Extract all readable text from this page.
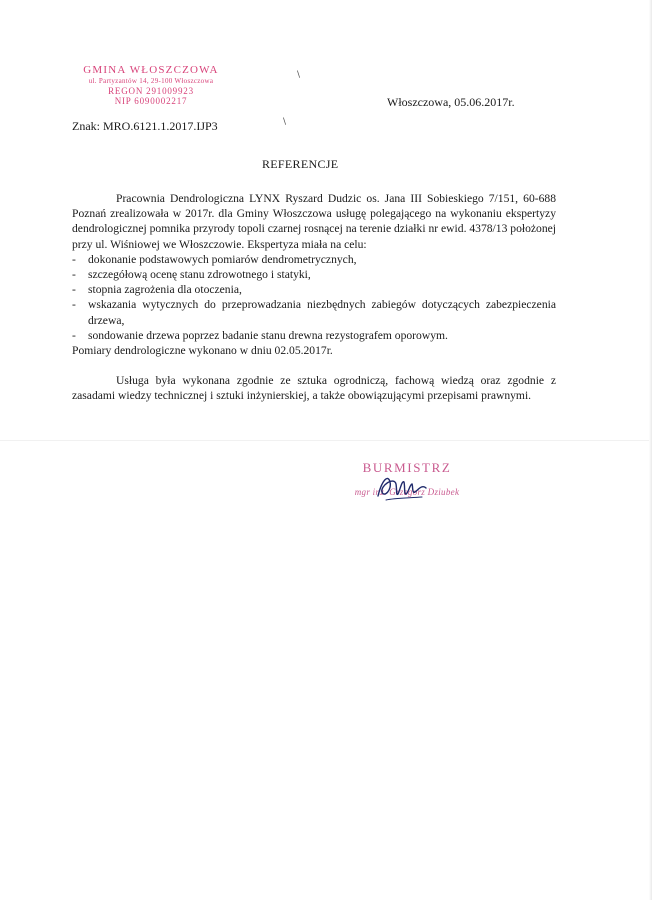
GMINA WŁOSZCZOWA
ul. Partyzantów 14, 29-100 Włoszczowa
REGON 291009923
NIP 6090002217	Włoszczowa, 05.06.2017r.
Znak: MRO.6121.1.2017.IJP3
REFERENCJE

Pracownia Dendrologiczna LYNX Ryszard Dudzic os. Jana III Sobieskiego 7/151, 60-688 Poznań zrealizowała w 2017r. dla Gminy Włoszczowa usługę polegającego na wykonaniu ekspertyzy dendrologicznej pomnika przyrody topoli czarnej rosnącej na terenie działki nr ewid. 4378/13 położonej przy ul. Wiśniowej we Włoszczowie. Ekspertyza miała na celu:

- dokonanie podstawowych pomiarów dendrometrycznych,
- szczegółową ocenę stanu zdrowotnego i statyki,
- stopnia zagrożenia dla otoczenia,
- wskazania wytycznych do przeprowadzania niezbędnych zabiegów dotyczących zabezpieczenia drzewa,
- sondowanie drzewa poprzez badanie stanu drewna rezystografem oporowym.

Pomiary dendrologiczne wykonano w dniu 02.05.2017r.

Usługa była wykonana zgodnie ze sztuka ogrodniczą, fachową wiedzą oraz zgodnie z zasadami wiedzy technicznej i sztuki inżynierskiej, a także obowiązującymi przepisami prawnymi.

BURMISTRZ
mgr inż. Grzegorz Dziubek
\
\
